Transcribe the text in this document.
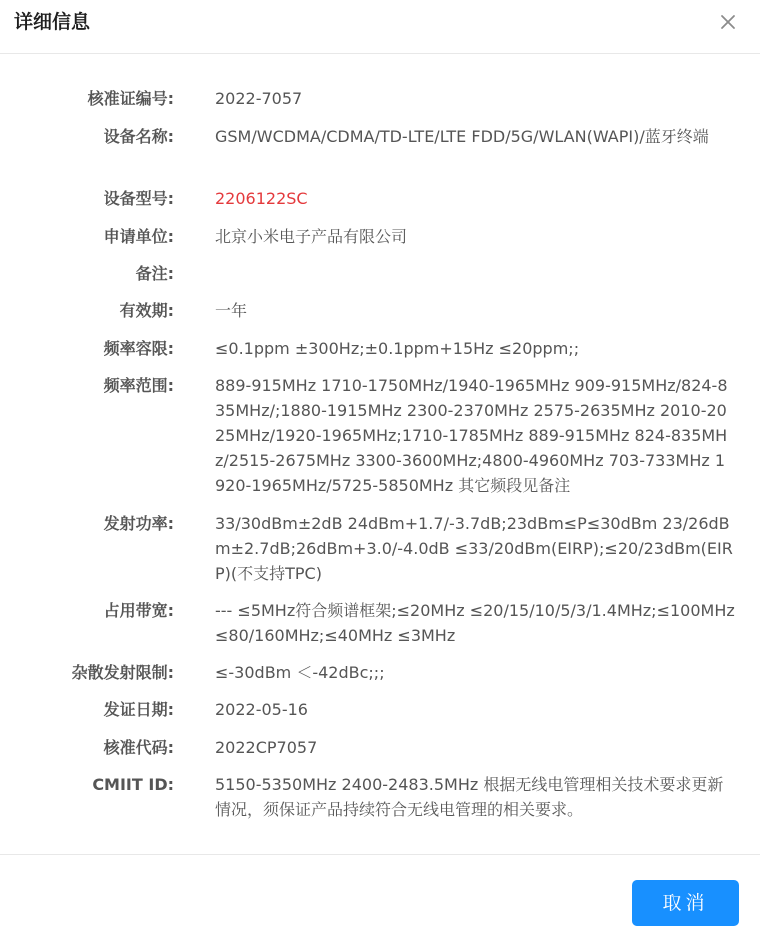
详细信息
核准证编号:	2022-7057
设备名称:	GSM/WCDMA/CDMA/TD-LTE/LTE FDD/5G/WLAN(WAPI)/蓝牙终端
设备型号:	2206122SC
申请单位:	北京小米电子产品有限公司
备注:
有效期:	一年
频率容限:	≤0.1ppm ±300Hz;±0.1ppm+15Hz ≤20ppm;;
频率范围:	889-915MHz 1710-1750MHz/1940-1965MHz 909-915MHz/824-835MHz/;1880-1915MHz 2300-2370MHz 2575-2635MHz 2010-2025MHz/1920-1965MHz;1710-1785MHz 889-915MHz 824-835MHz/2515-2675MHz 3300-3600MHz;4800-4960MHz 703-733MHz 1920-1965MHz/5725-5850MHz 其它频段见备注
发射功率:	33/30dBm±2dB 24dBm+1.7/-3.7dB;23dBm≤P≤30dBm 23/26dBm±2.7dB;26dBm+3.0/-4.0dB ≤33/20dBm(EIRP);≤20/23dBm(EIRP)(不支持TPC)
占用带宽:	--- ≤5MHz符合频谱框架;≤20MHz ≤20/15/10/5/3/1.4MHz;≤100MHz ≤80/160MHz;≤40MHz ≤3MHz
杂散发射限制:	≤-30dBm ＜-42dBc;;;
发证日期:	2022-05-16
核准代码:	2022CP7057
CMIIT ID:	5150-5350MHz 2400-2483.5MHz 根据无线电管理相关技术要求更新情况，须保证产品持续符合无线电管理的相关要求。
取消
